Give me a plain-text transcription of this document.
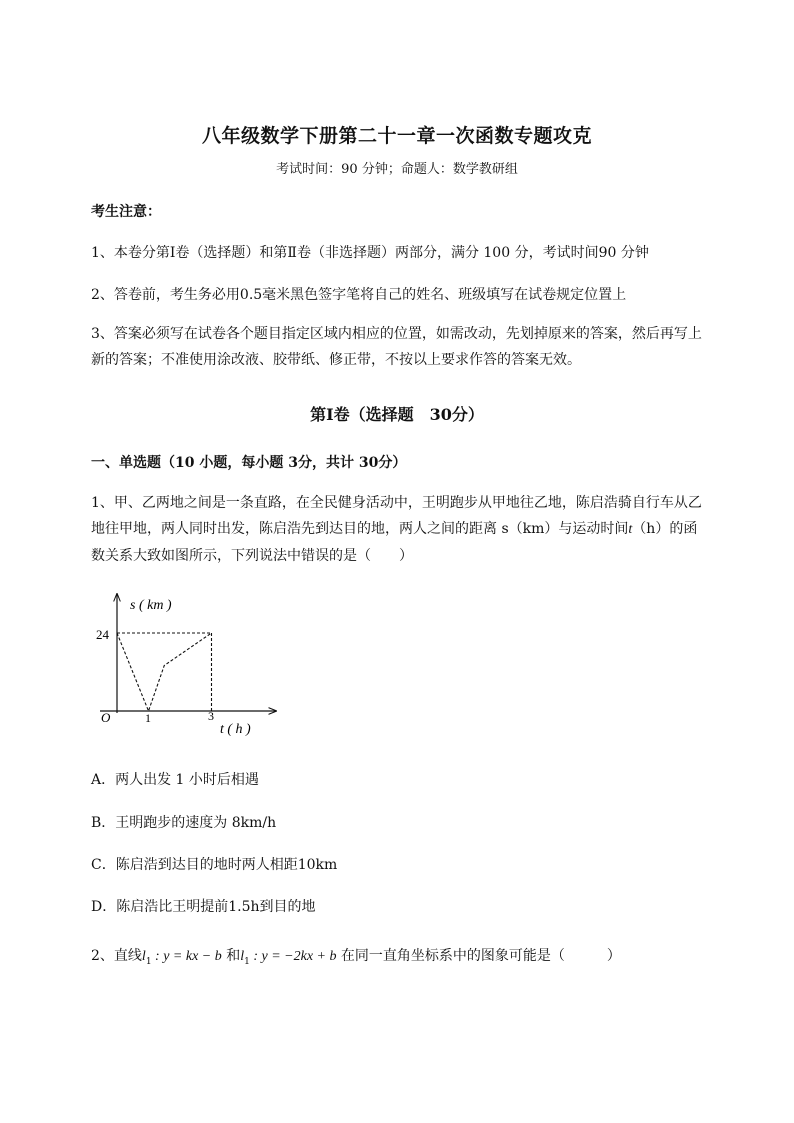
八年级数学下册第二十一章一次函数专题攻克
考试时间：90 分钟；命题人：数学教研组
考生注意：
1、本卷分第Ⅰ卷（选择题）和第Ⅱ卷（非选择题）两部分，满分 100 分，考试时间90 分钟
2、答卷前，考生务必用0.5毫米黑色签字笔将自己的姓名、班级填写在试卷规定位置上
3、答案必须写在试卷各个题目指定区域内相应的位置，如需改动，先划掉原来的答案，然后再写上新的答案；不准使用涂改液、胶带纸、修正带，不按以上要求作答的答案无效。
第Ⅰ卷（选择题　30分）
一、单选题（10 小题，每小题 3分，共计 30分）
1、甲、乙两地之间是一条直路，在全民健身活动中，王明跑步从甲地往乙地，陈启浩骑自行车从乙地往甲地，两人同时出发，陈启浩先到达目的地，两人之间的距离 s（km）与运动时间t（h）的函数关系大致如图所示，下列说法中错误的是（　　）
s ( km )
t ( h )
O
24
1	3
A．两人出发 1 小时后相遇
B．王明跑步的速度为 8km/h
C．陈启浩到达目的地时两人相距10km
D．陈启浩比王明提前1.5h到目的地
2、直线$l_1$ : y = kx − b 和$l_1$ : y = −2kx + b 在同一直角坐标系中的图象可能是（　　　）
